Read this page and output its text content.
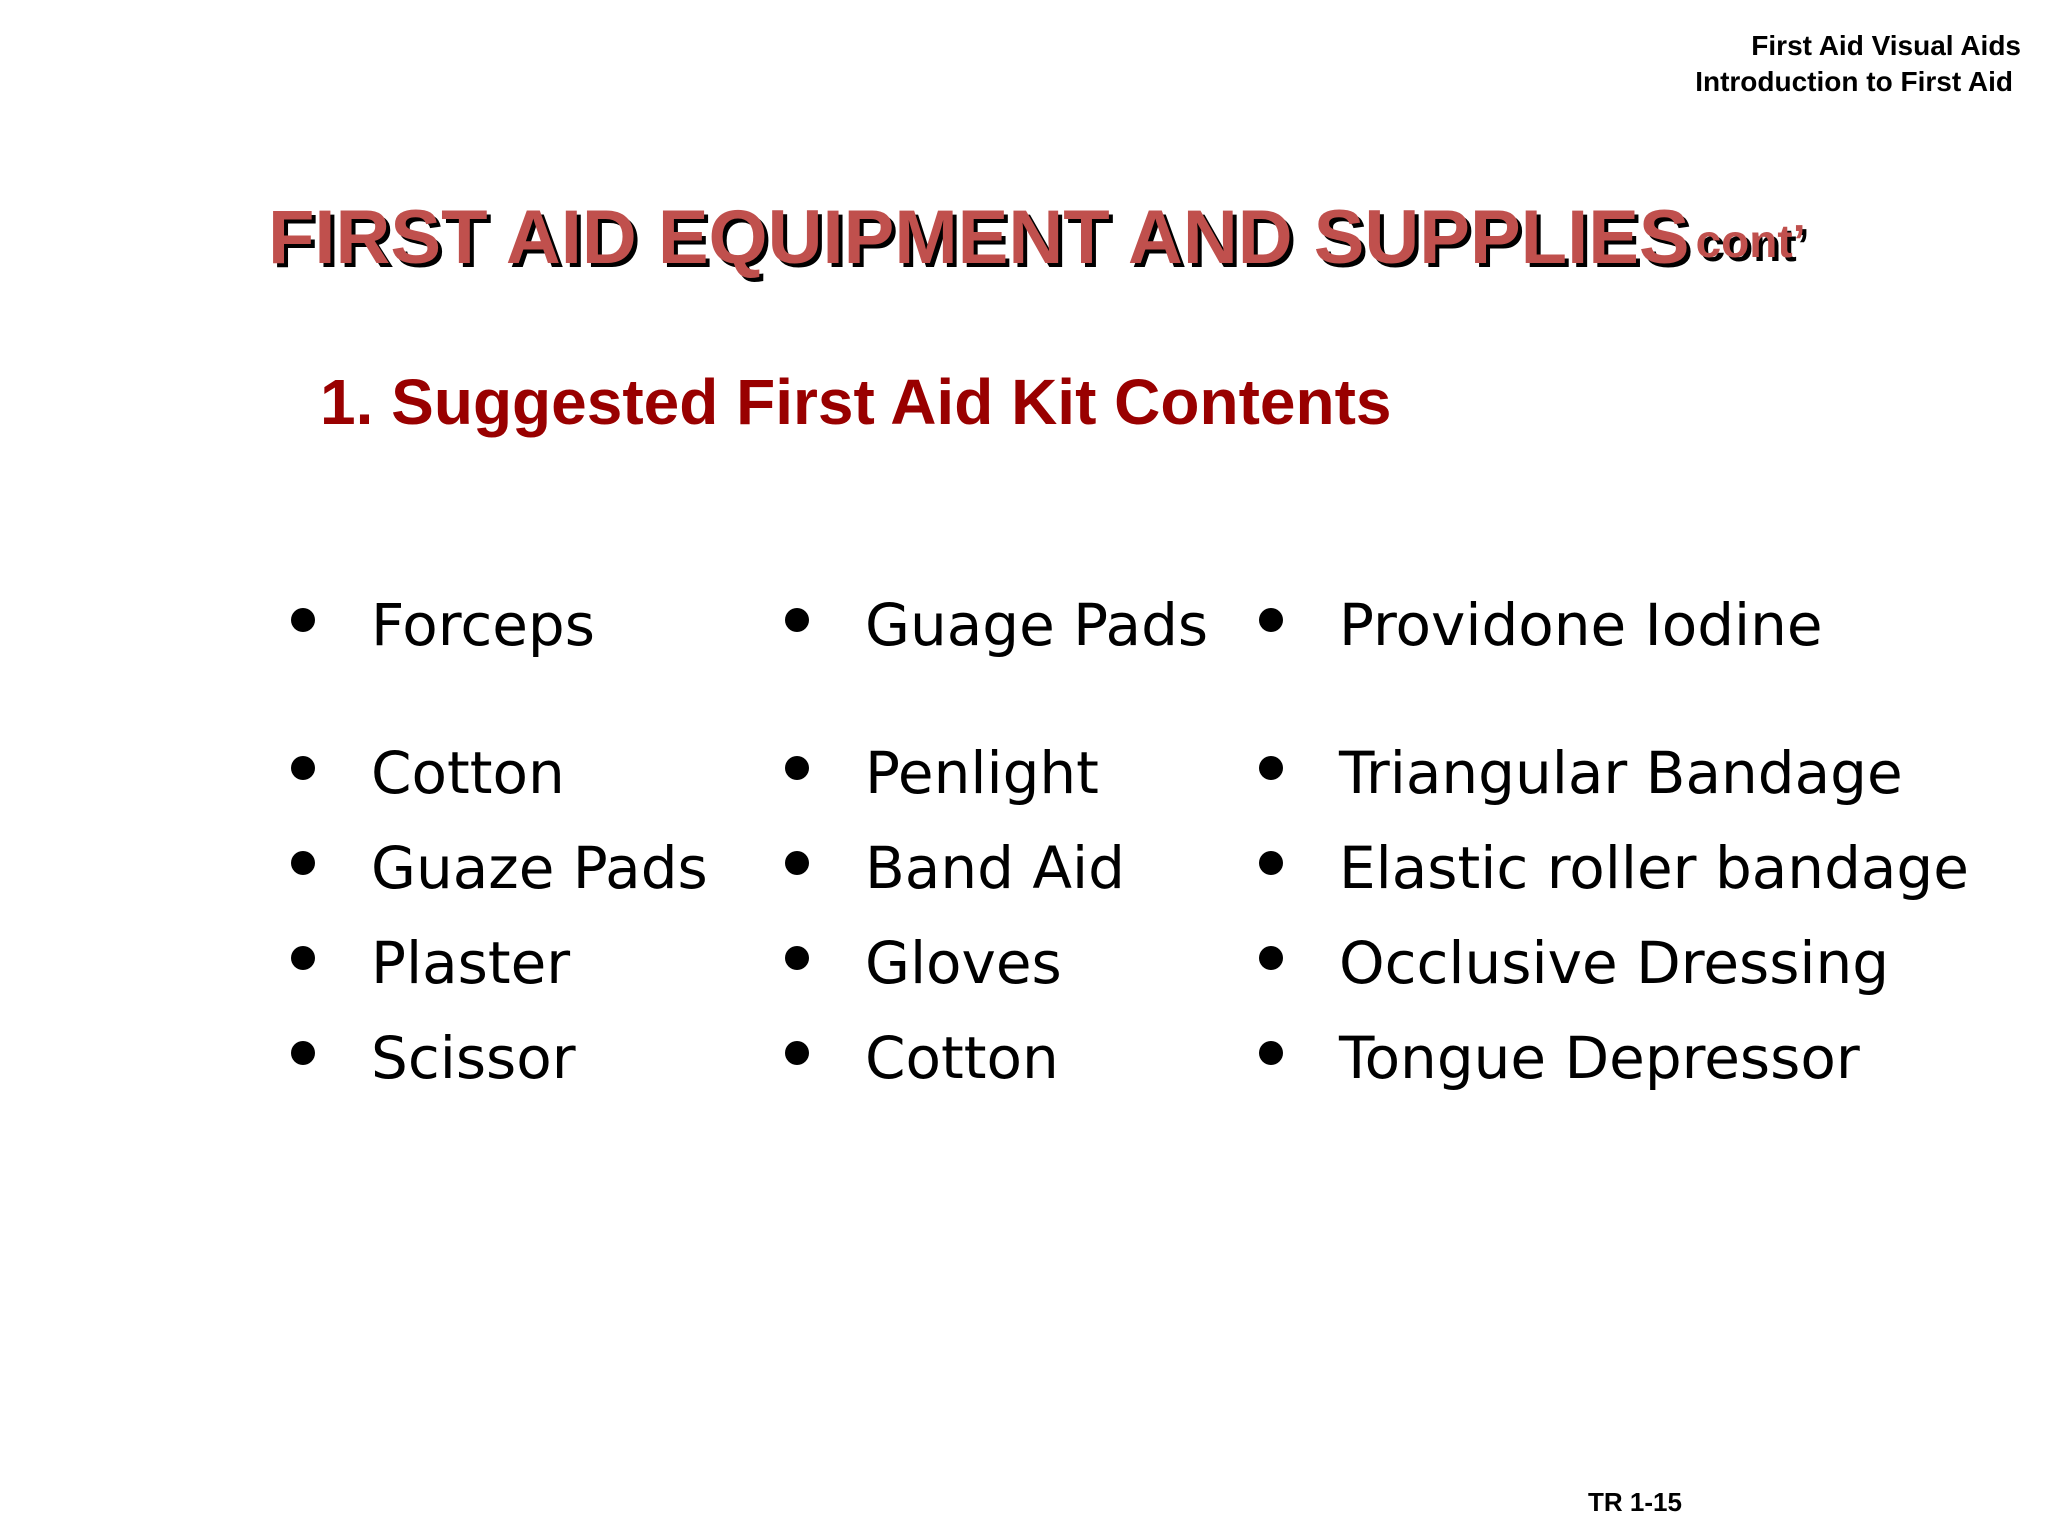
First Aid Visual Aids
Introduction to First Aid
FIRST AID EQUIPMENT AND SUPPLIES cont’
1. Suggested First Aid Kit Contents
Forceps
Cotton
Guaze Pads
Plaster
Scissor
Guage Pads
Penlight
Band Aid
Gloves
Cotton
Providone Iodine
Triangular Bandage
Elastic roller bandage
Occlusive Dressing
Tongue Depressor
TR 1-15
